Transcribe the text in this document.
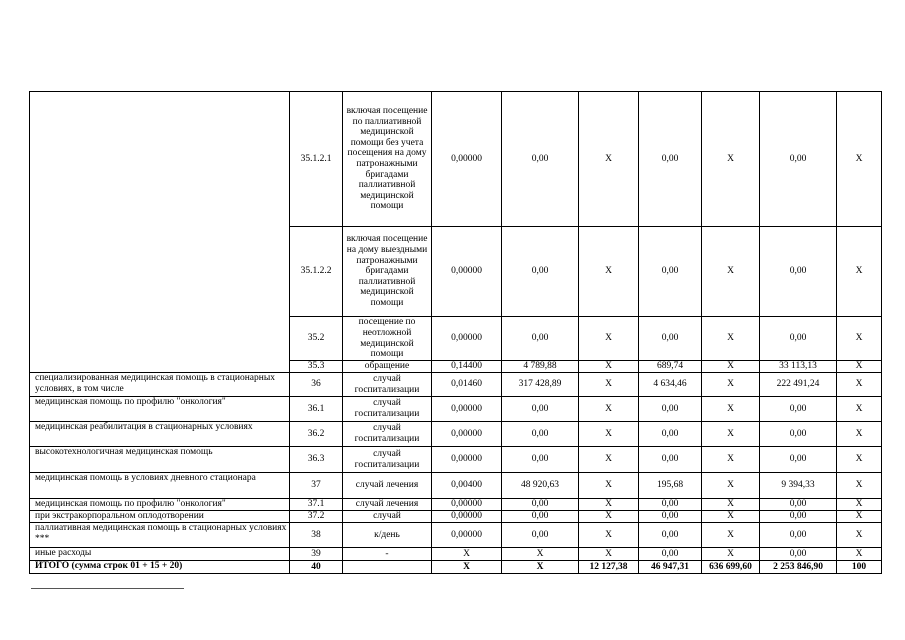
	35.1.2.1	включая посещение по паллиативной медицинской помощи без учета посещения на дому патронажными бригадами паллиативной медицинской помощи	0,00000	0,00	X	0,00	X	0,00	X
	35.1.2.2	включая посещение на дому выездными патронажными бригадами паллиативной медицинской помощи	0,00000	0,00	X	0,00	X	0,00	X
	35.2	посещение по неотложной медицинской помощи	0,00000	0,00	X	0,00	X	0,00	X
	35.3	обращение	0,14400	4 789,88	X	689,74	X	33 113,13	X
специализированная медицинская помощь в стационарных условиях, в том числе	36	случай госпитализации	0,01460	317 428,89	X	4 634,46	X	222 491,24	X
медицинская помощь по профилю "онкология"	36.1	случай госпитализации	0,00000	0,00	X	0,00	X	0,00	X
медицинская реабилитация в стационарных условиях	36.2	случай госпитализации	0,00000	0,00	X	0,00	X	0,00	X
высокотехнологичная медицинская помощь	36.3	случай госпитализации	0,00000	0,00	X	0,00	X	0,00	X
медицинская помощь в условиях дневного стационара	37	случай лечения	0,00400	48 920,63	X	195,68	X	9 394,33	X
медицинская помощь по профилю "онкология"	37.1	случай лечения	0,00000	0,00	X	0,00	X	0,00	X
при экстракорпоральном оплодотворении	37.2	случай	0,00000	0,00	X	0,00	X	0,00	X
паллиативная медицинская помощь в стационарных условиях ***	38	к/день	0,00000	0,00	X	0,00	X	0,00	X
иные расходы	39	-	X	X	X	0,00	X	0,00	X
ИТОГО (сумма строк 01 + 15 + 20)	40		X	X	12 127,38	46 947,31	636 699,60	2 253 846,90	100
